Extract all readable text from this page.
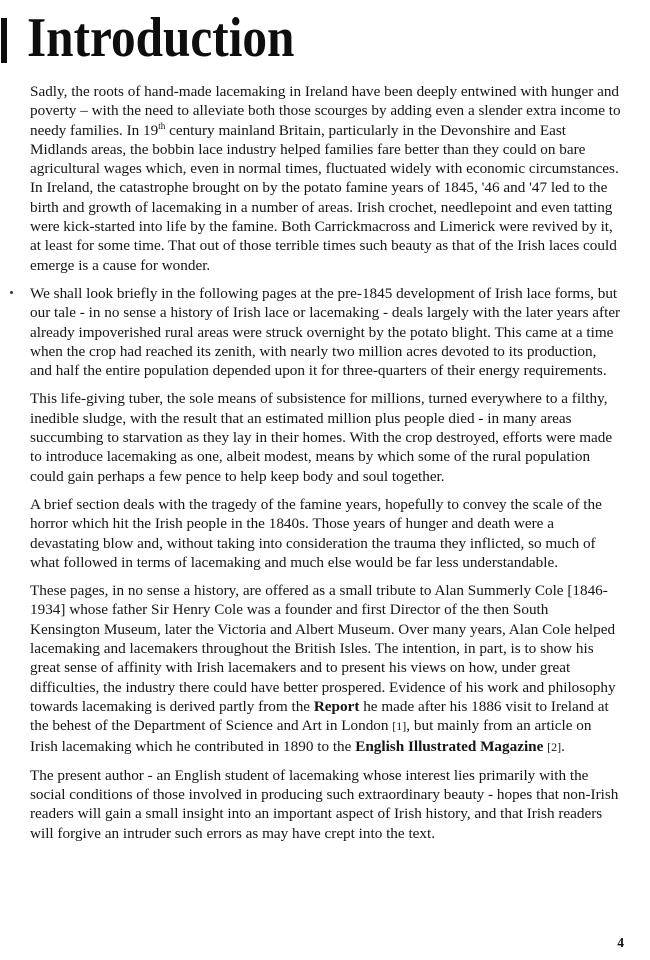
Introduction

Sadly, the roots of hand-made lacemaking in Ireland have been deeply entwined with hunger and poverty – with the need to alleviate both those scourges by adding even a slender extra income to needy families. In 19th century mainland Britain, particularly in the Devonshire and East Midlands areas, the bobbin lace industry helped families fare better than they could on bare agricultural wages which, even in normal times, fluctuated widely with economic circumstances. In Ireland, the catastrophe brought on by the potato famine years of 1845, '46 and '47 led to the birth and growth of lacemaking in a number of areas. Irish crochet, needlepoint and even tatting were kick-started into life by the famine. Both Carrickmacross and Limerick were revived by it, at least for some time. That out of those terrible times such beauty as that of the Irish laces could emerge is a cause for wonder.

We shall look briefly in the following pages at the pre-1845 development of Irish lace forms, but our tale - in no sense a history of Irish lace or lacemaking - deals largely with the later years after already impoverished rural areas were struck overnight by the potato blight. This came at a time when the crop had reached its zenith, with nearly two million acres devoted to its production, and half the entire population depended upon it for three-quarters of their energy requirements.

This life-giving tuber, the sole means of subsistence for millions, turned everywhere to a filthy, inedible sludge, with the result that an estimated million plus people died - in many areas succumbing to starvation as they lay in their homes. With the crop destroyed, efforts were made to introduce lacemaking as one, albeit modest, means by which some of the rural population could gain perhaps a few pence to help keep body and soul together.

A brief section deals with the tragedy of the famine years, hopefully to convey the scale of the horror which hit the Irish people in the 1840s. Those years of hunger and death were a devastating blow and, without taking into consideration the trauma they inflicted, so much of what followed in terms of lacemaking and much else would be far less understandable.

These pages, in no sense a history, are offered as a small tribute to Alan Summerly Cole [1846-1934] whose father Sir Henry Cole was a founder and first Director of the then South Kensington Museum, later the Victoria and Albert Museum. Over many years, Alan Cole helped lacemaking and lacemakers throughout the British Isles. The intention, in part, is to show his great sense of affinity with Irish lacemakers and to present his views on how, under great difficulties, the industry there could have better prospered. Evidence of his work and philosophy towards lacemaking is derived partly from the Report he made after his 1886 visit to Ireland at the behest of the Department of Science and Art in London [1], but mainly from an article on Irish lacemaking which he contributed in 1890 to the English Illustrated Magazine [2].

The present author - an English student of lacemaking whose interest lies primarily with the social conditions of those involved in producing such extraordinary beauty - hopes that non-Irish readers will gain a small insight into an important aspect of Irish history, and that Irish readers will forgive an intruder such errors as may have crept into the text.

4
